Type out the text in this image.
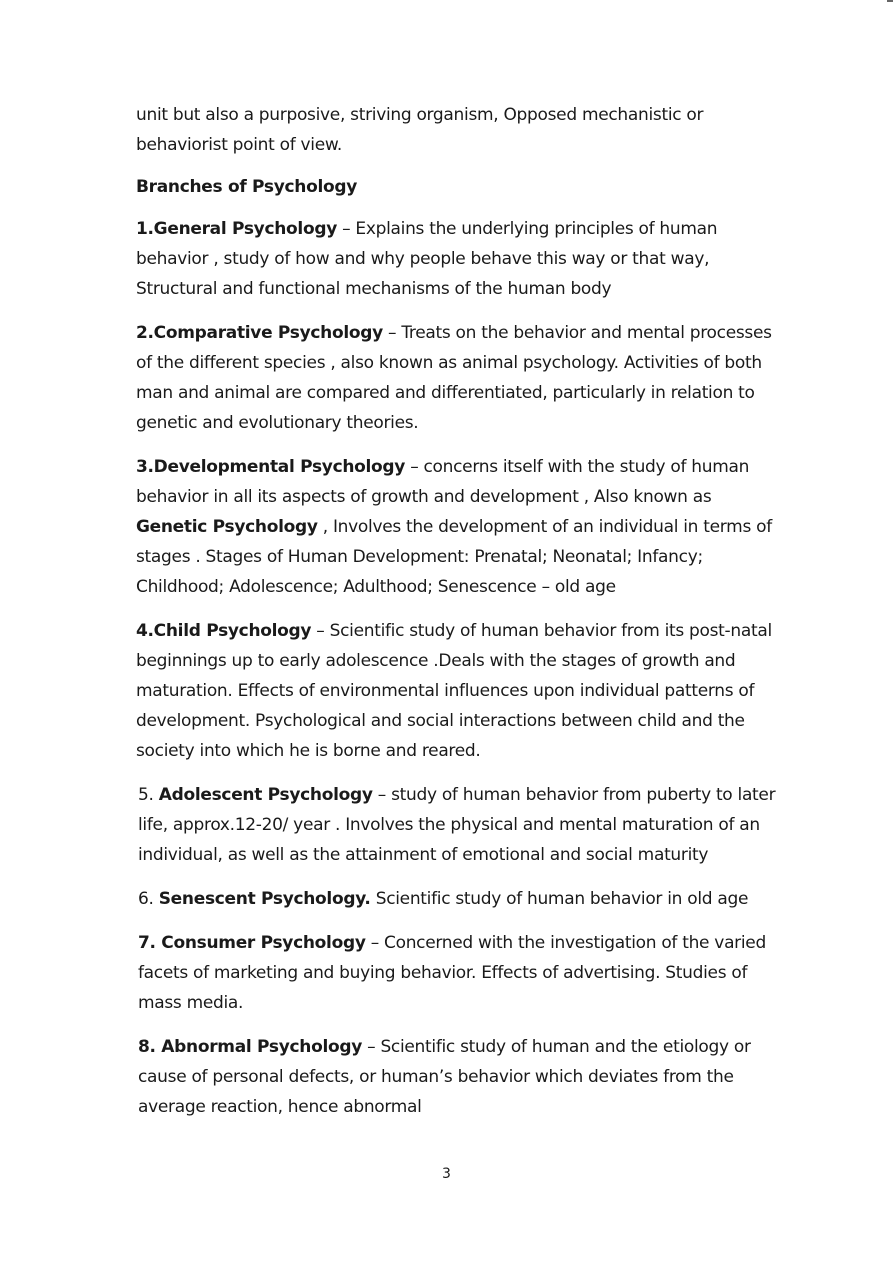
unit but also a purposive, striving organism, Opposed mechanistic or behaviorist point of view.

Branches of Psychology

1.General Psychology – Explains the underlying principles of human behavior , study of how and why people behave this way or that way, Structural and functional mechanisms of the human body

2.Comparative Psychology – Treats on the behavior and mental processes of the different species , also known as animal psychology. Activities of both man and animal are compared and differentiated, particularly in relation to genetic and evolutionary theories.

3.Developmental Psychology – concerns itself with the study of human behavior in all its aspects of growth and development , Also known as Genetic Psychology , Involves the development of an individual in terms of stages . Stages of Human Development: Prenatal; Neonatal; Infancy; Childhood; Adolescence; Adulthood; Senescence – old age

4.Child Psychology – Scientific study of human behavior from its post-natal beginnings up to early adolescence .Deals with the stages of growth and maturation. Effects of environmental influences upon individual patterns of development. Psychological and social interactions between child and the society into which he is borne and reared.

5. Adolescent Psychology – study of human behavior from puberty to later life, approx.12-20/ year . Involves the physical and mental maturation of an individual, as well as the attainment of emotional and social maturity

6. Senescent Psychology. Scientific study of human behavior in old age

7. Consumer Psychology – Concerned with the investigation of the varied facets of marketing and buying behavior. Effects of advertising. Studies of mass media.

8. Abnormal Psychology – Scientific study of human and the etiology or cause of personal defects, or human’s behavior which deviates from the average reaction, hence abnormal

3
